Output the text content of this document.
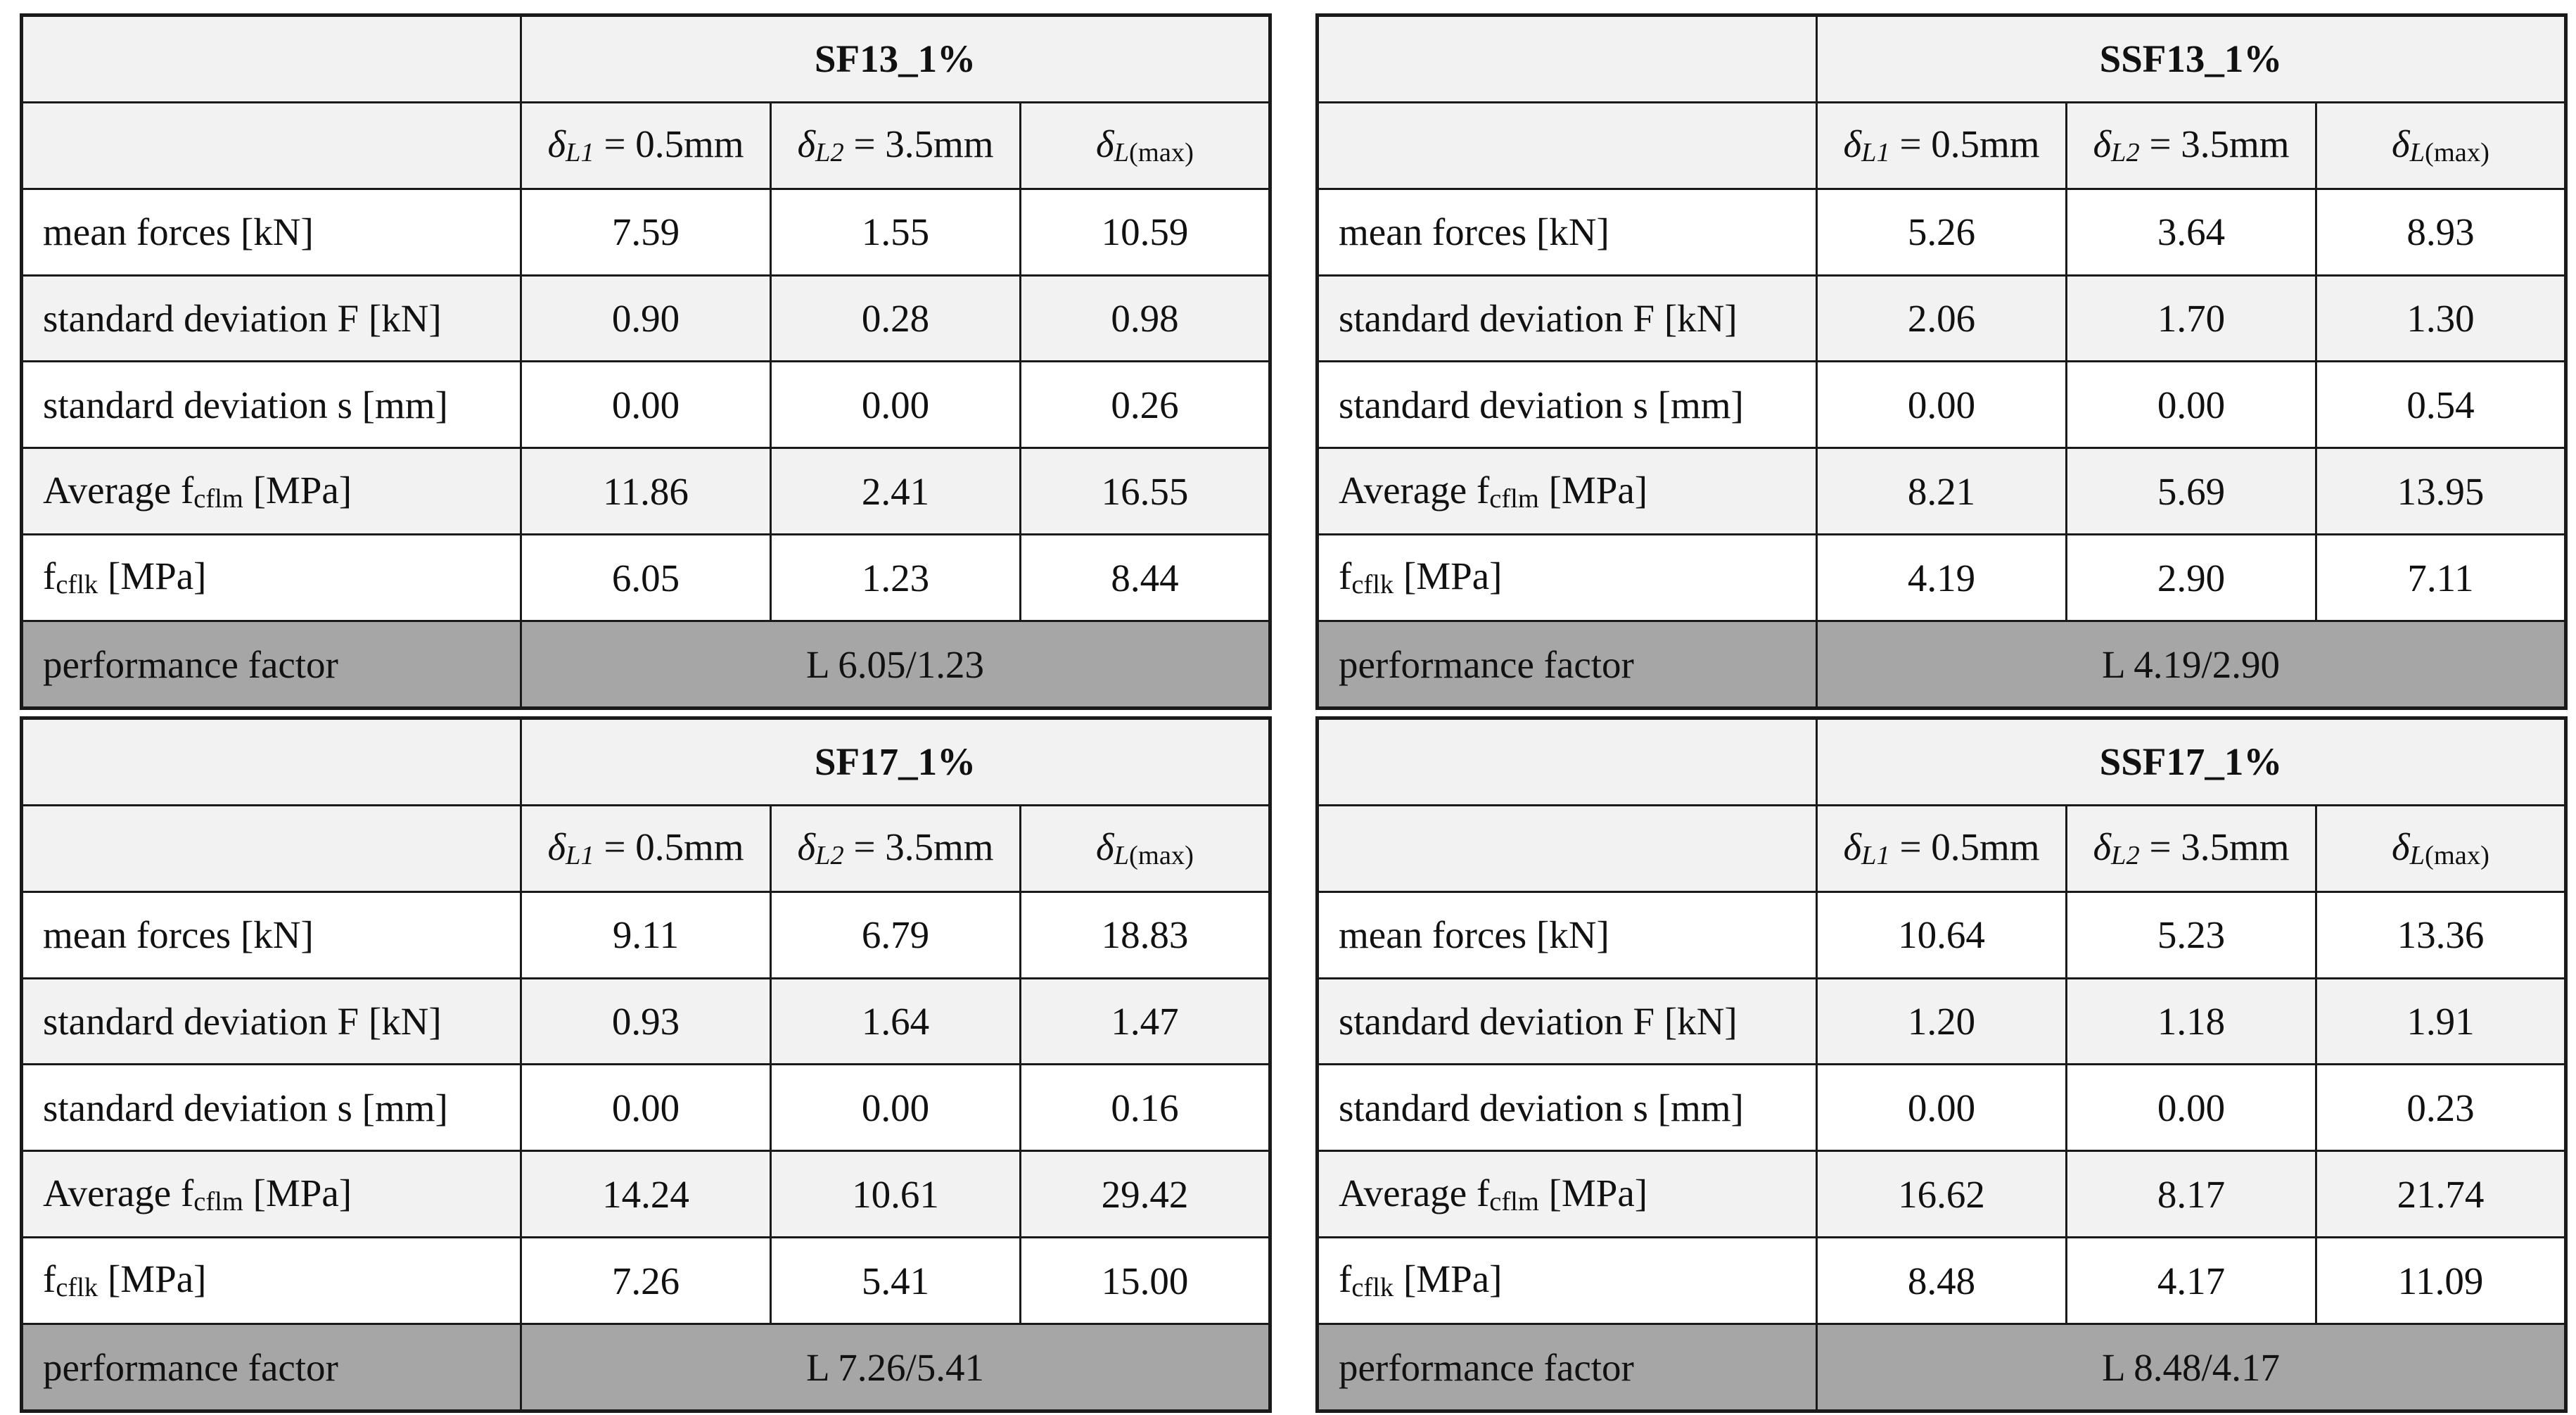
	SF13_1%		
	$\delta_{L1} = 0.5mm$	$\delta_{L2} = 3.5mm$	$\delta_{L(max)}$
mean forces [kN]	7.59	1.55	10.59
standard deviation F [kN]	0.90	0.28	0.98
standard deviation s [mm]	0.00	0.00	0.26
Average $f_{cflm}$ [MPa]	11.86	2.41	16.55
$f_{cflk}$ [MPa]	6.05	1.23	8.44
performance factor	L 6.05/1.23		
	SSF13_1%		
	$\delta_{L1} = 0.5mm$	$\delta_{L2} = 3.5mm$	$\delta_{L(max)}$
mean forces [kN]	5.26	3.64	8.93
standard deviation F [kN]	2.06	1.70	1.30
standard deviation s [mm]	0.00	0.00	0.54
Average $f_{cflm}$ [MPa]	8.21	5.69	13.95
$f_{cflk}$ [MPa]	4.19	2.90	7.11
performance factor	L 4.19/2.90		
	SF17_1%		
	$\delta_{L1} = 0.5mm$	$\delta_{L2} = 3.5mm$	$\delta_{L(max)}$
mean forces [kN]	9.11	6.79	18.83
standard deviation F [kN]	0.93	1.64	1.47
standard deviation s [mm]	0.00	0.00	0.16
Average $f_{cflm}$ [MPa]	14.24	10.61	29.42
$f_{cflk}$ [MPa]	7.26	5.41	15.00
performance factor	L 7.26/5.41		
	SSF17_1%		
	$\delta_{L1} = 0.5mm$	$\delta_{L2} = 3.5mm$	$\delta_{L(max)}$
mean forces [kN]	10.64	5.23	13.36
standard deviation F [kN]	1.20	1.18	1.91
standard deviation s [mm]	0.00	0.00	0.23
Average $f_{cflm}$ [MPa]	16.62	8.17	21.74
$f_{cflk}$ [MPa]	8.48	4.17	11.09
performance factor	L 8.48/4.17		
